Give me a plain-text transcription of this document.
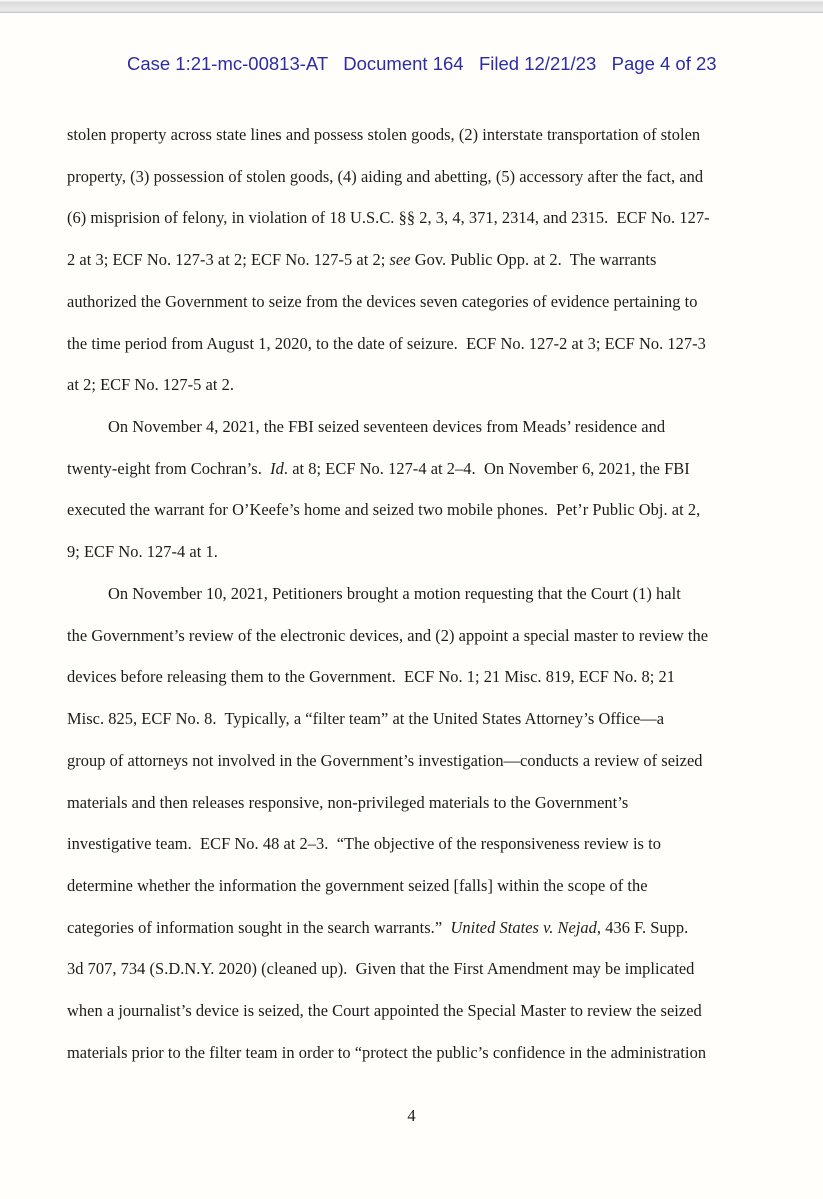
Case 1:21-mc-00813-AT   Document 164   Filed 12/21/23   Page 4 of 23

stolen property across state lines and possess stolen goods, (2) interstate transportation of stolen
property, (3) possession of stolen goods, (4) aiding and abetting, (5) accessory after the fact, and
(6) misprision of felony, in violation of 18 U.S.C. §§ 2, 3, 4, 371, 2314, and 2315.  ECF No. 127-
2 at 3; ECF No. 127-3 at 2; ECF No. 127-5 at 2; see Gov. Public Opp. at 2.  The warrants
authorized the Government to seize from the devices seven categories of evidence pertaining to
the time period from August 1, 2020, to the date of seizure.  ECF No. 127-2 at 3; ECF No. 127-3
at 2; ECF No. 127-5 at 2.
On November 4, 2021, the FBI seized seventeen devices from Meads’ residence and
twenty-eight from Cochran’s.  Id. at 8; ECF No. 127-4 at 2–4.  On November 6, 2021, the FBI
executed the warrant for O’Keefe’s home and seized two mobile phones.  Pet’r Public Obj. at 2,
9; ECF No. 127-4 at 1.
On November 10, 2021, Petitioners brought a motion requesting that the Court (1) halt
the Government’s review of the electronic devices, and (2) appoint a special master to review the
devices before releasing them to the Government.  ECF No. 1; 21 Misc. 819, ECF No. 8; 21
Misc. 825, ECF No. 8.  Typically, a “filter team” at the United States Attorney’s Office—a
group of attorneys not involved in the Government’s investigation—conducts a review of seized
materials and then releases responsive, non-privileged materials to the Government’s
investigative team.  ECF No. 48 at 2–3.  “The objective of the responsiveness review is to
determine whether the information the government seized [falls] within the scope of the
categories of information sought in the search warrants.”  United States v. Nejad, 436 F. Supp.
3d 707, 734 (S.D.N.Y. 2020) (cleaned up).  Given that the First Amendment may be implicated
when a journalist’s device is seized, the Court appointed the Special Master to review the seized
materials prior to the filter team in order to “protect the public’s confidence in the administration
4
